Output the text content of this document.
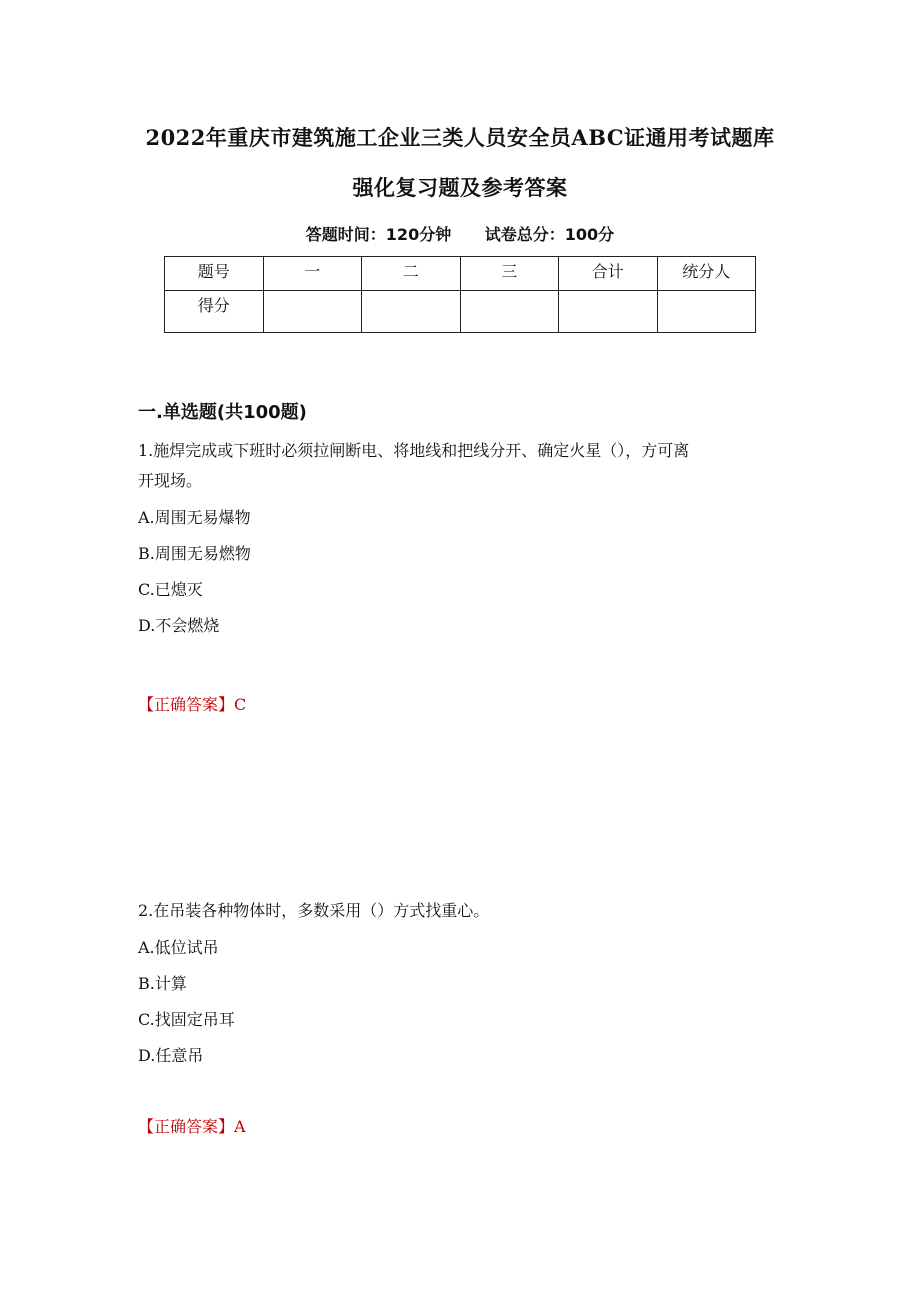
2022年重庆市建筑施工企业三类人员安全员ABC证通用考试题库
强化复习题及参考答案
答题时间：120分钟 试卷总分：100分
题号	一	二	三	合计	统分人
得分					
一.单选题(共100题)
1.施焊完成或下班时必须拉闸断电、将地线和把线分开、确定火星（），方可离
开现场。
A.周围无易爆物
B.周围无易燃物
C.已熄灭
D.不会燃烧
【正确答案】C
2.在吊装各种物体时，多数采用（）方式找重心。
A.低位试吊
B.计算
C.找固定吊耳
D.任意吊
【正确答案】A
